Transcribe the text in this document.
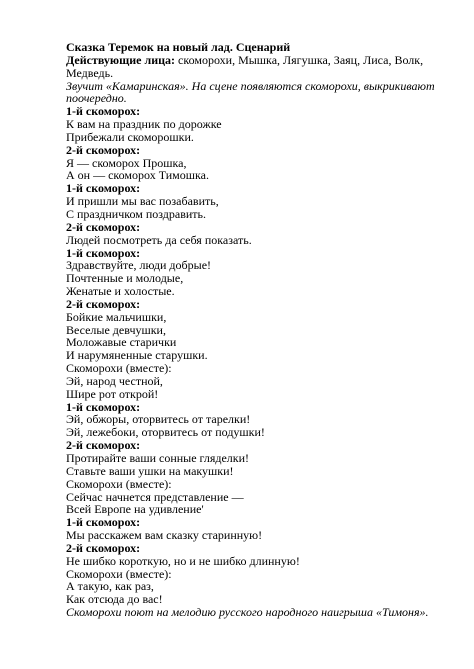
Сказка Теремок на новый лад. Сценарий
Действующие лица: скоморохи, Мышка, Лягушка, Заяц, Лиса, Волк, Медведь.
Звучит «Камаринская». На сцене появляются скоморохи, выкрикивают поочередно.
1-й скоморох:
К вам на праздник по дорожке
Прибежали скоморошки.
2-й скоморох:
Я — скоморох Прошка,
А он — скоморох Тимошка.
1-й скоморох:
И пришли мы вас позабавить,
С праздничком поздравить.
2-й скоморох:
Людей посмотреть да себя показать.
1-й скоморох:
Здравствуйте, люди добрые!
Почтенные и молодые,
Женатые и холостые.
2-й скоморох:
Бойкие мальчишки,
Веселые девчушки,
Моложавые старички
И нарумяненные старушки.
Скоморохи (вместе):
Эй, народ честной,
Шире рот открой!
1-й скоморох:
Эй, обжоры, оторвитесь от тарелки!
Эй, лежебоки, оторвитесь от подушки!
2-й скоморох:
Протирайте ваши сонные гляделки!
Ставьте ваши ушки на макушки!
Скоморохи (вместе):
Сейчас начнется представление —
Всей Европе на удивление'
1-й скоморох:
Мы расскажем вам сказку старинную!
2-й скоморох:
Не шибко короткую, но и не шибко длинную!
Скоморохи (вместе):
А такую, как раз,
Как отсюда до вас!
Скоморохи поют на мелодию русского народного наигрыша «Тимоня».
